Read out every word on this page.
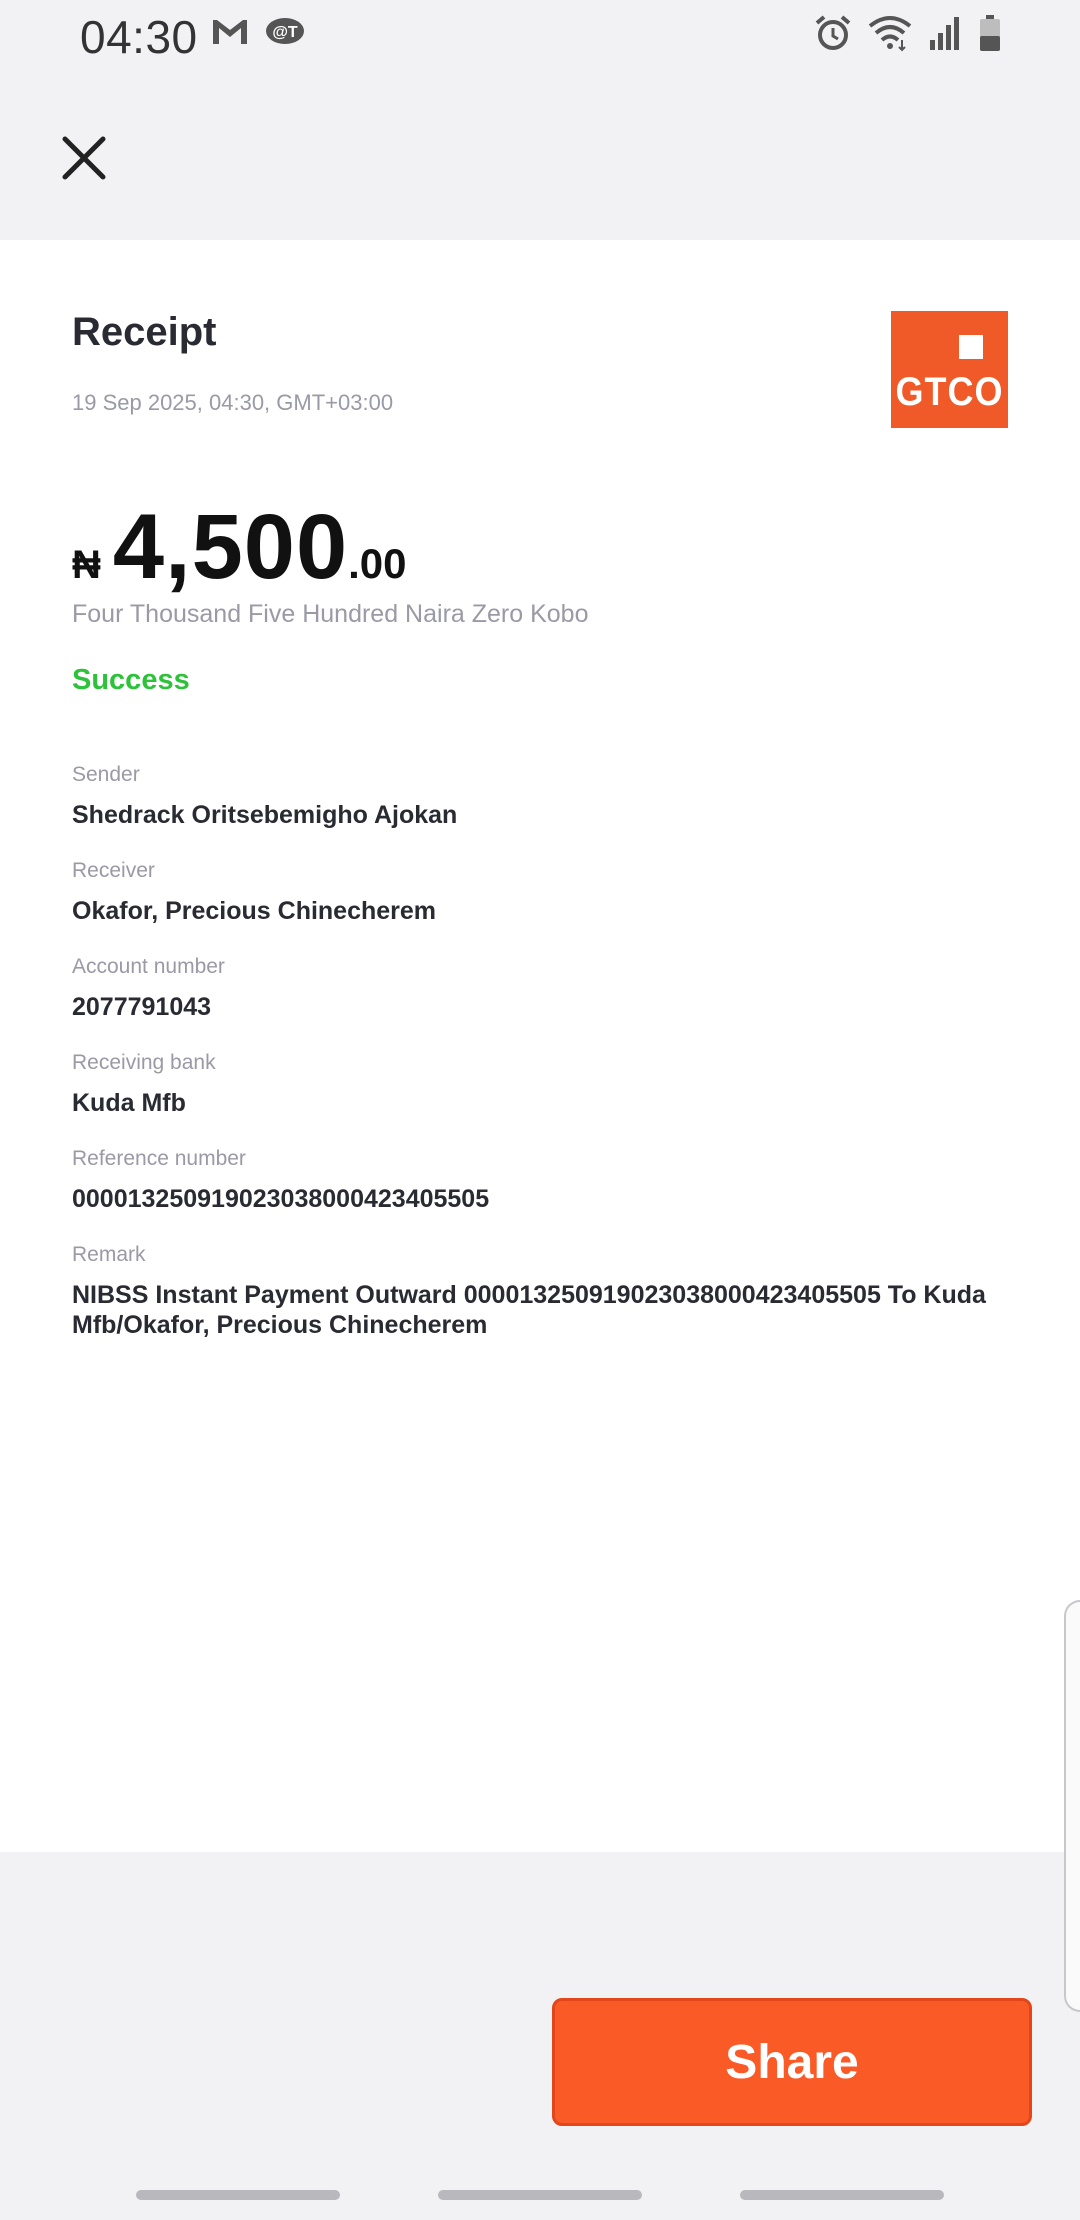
04:30	@T
Receipt
19 Sep 2025, 04:30, GMT+03:00	GTCO
₦ 4,500 .00
Four Thousand Five Hundred Naira Zero Kobo
Success
Sender
Shedrack Oritsebemigho Ajokan
Receiver
Okafor, Precious Chinecherem
Account number
2077791043
Receiving bank
Kuda Mfb
Reference number
000013250919023038000423405505
Remark
NIBSS Instant Payment Outward 000013250919023038000423405505 To Kuda Mfb/Okafor, Precious Chinecherem
Share
